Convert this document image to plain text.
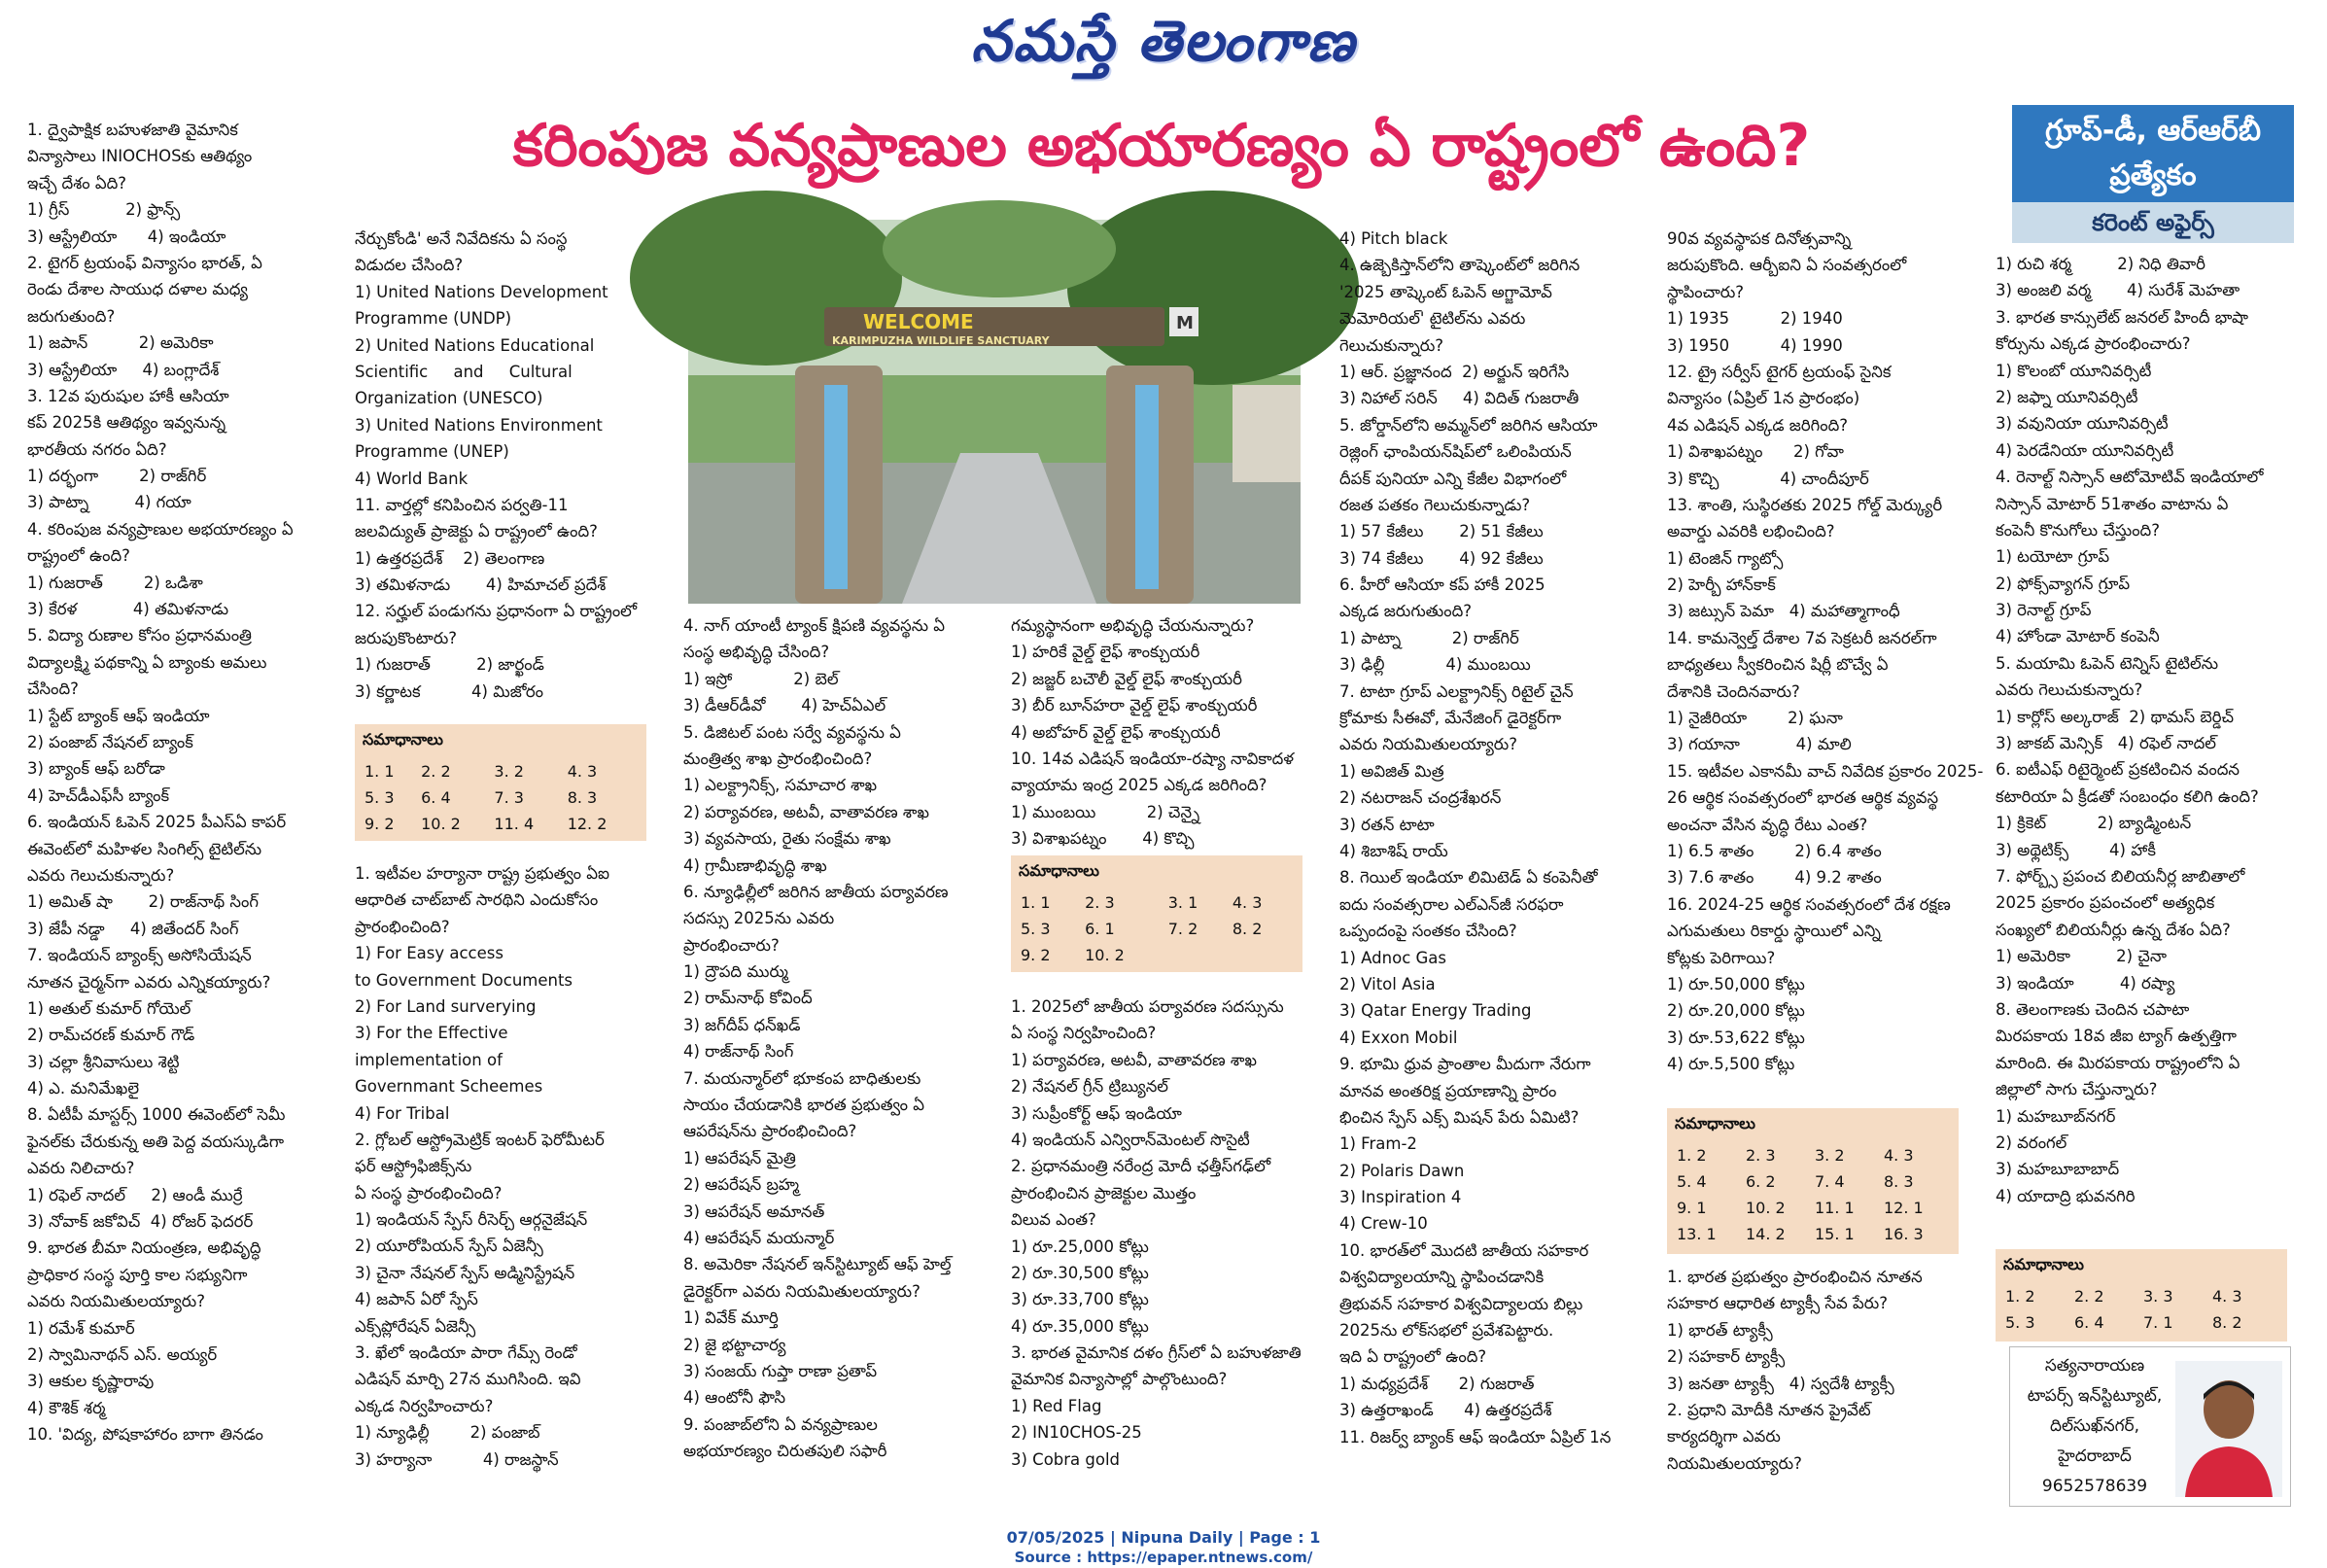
నమస్తే తెలంగాణ
కరింపుజ వన్యప్రాణుల అభయారణ్యం ఏ రాష్ట్రంలో ఉంది?	గ్రూప్-డీ, ఆర్ఆర్‌బీ
ప్రత్యేకం
కరెంట్ అఫైర్స్
WELCOME
KARIMPUZHA WILDLIFE SANCTUARY
M
1. ద్వైపాక్షిక బహుళజాతి వైమానిక
విన్యాసాలు INIOCHOSకు ఆతిథ్యం
ఇచ్చే దేశం ఏది?
1) గ్రీస్           2) ఫ్రాన్స్
3) ఆస్ట్రేలియా      4) ఇండియా
2. టైగర్ ట్రయంఫ్ విన్యాసం భారత్, ఏ
రెండు దేశాల సాయుధ దళాల మధ్య
జరుగుతుంది?
1) జపాన్          2) అమెరికా
3) ఆస్ట్రేలియా     4) బంగ్లాదేశ్
3. 12వ పురుషుల హాకీ ఆసియా
కప్ 2025కి ఆతిథ్యం ఇవ్వనున్న
భారతీయ నగరం ఏది?
1) దర్భంగా        2) రాజ్‌గిర్
3) పాట్నా         4) గయా
4. కరింపుజ వన్యప్రాణుల అభయారణ్యం ఏ
రాష్ట్రంలో ఉంది?
1) గుజరాత్        2) ఒడిశా
3) కేరళ           4) తమిళనాడు
5. విద్యా రుణాల కోసం ప్రధానమంత్రి
విద్యాలక్ష్మి పథకాన్ని ఏ బ్యాంకు అమలు
చేసింది?
1) స్టేట్ బ్యాంక్ ఆఫ్ ఇండియా
2) పంజాబ్ నేషనల్ బ్యాంక్
3) బ్యాంక్ ఆఫ్ బరోడా
4) హెచ్‌డీఎఫ్‌సీ బ్యాంక్
6. ఇండియన్ ఓపెన్ 2025 పీఎస్‌ఏ కాపర్
ఈవెంట్‌లో మహిళల సింగిల్స్ టైటిల్‌ను
ఎవరు గెలుచుకున్నారు?
1) అమిత్ షా       2) రాజ్‌నాథ్ సింగ్
3) జేపీ నడ్డా     4) జితేందర్ సింగ్
7. ఇండియన్ బ్యాంక్స్ అసోసియేషన్
నూతన చైర్మన్‌గా ఎవరు ఎన్నికయ్యారు?
1) అతుల్ కుమార్ గోయెల్
2) రామ్‌చరణ్ కుమార్ గౌడ్
3) చల్లా శ్రీనివాసులు శెట్టి
4) ఎ. మనిమేఖలై
8. ఏటీపీ మాస్టర్స్ 1000 ఈవెంట్‌లో సెమీ
ఫైనల్‌కు చేరుకున్న అతి పెద్ద వయస్కుడిగా
ఎవరు నిలిచారు?
1) రఫెల్ నాదల్     2) ఆండీ ముర్రే
3) నోవాక్ జకోవిచ్  4) రోజర్ ఫెదరర్
9. భారత బీమా నియంత్రణ, అభివృద్ధి
ప్రాధికార సంస్థ పూర్తి కాల సభ్యునిగా
ఎవరు నియమితులయ్యారు?
1) రమేశ్ కుమార్
2) స్వామినాథన్ ఎస్. అయ్యర్
3) ఆకుల కృష్ణారావు
4) కౌశిక్ శర్మ
10. 'విద్య, పోషకాహారం బాగా తినడం
నేర్చుకోండి' అనే నివేదికను ఏ సంస్థ
విడుదల చేసింది?
1) United Nations Development
Programme (UNDP)
2) United Nations Educational
Scientific     and     Cultural
Organization (UNESCO)
3) United Nations Environment
Programme (UNEP)
4) World Bank
11. వార్తల్లో కనిపించిన పర్వతి-11
జలవిద్యుత్ ప్రాజెక్టు ఏ రాష్ట్రంలో ఉంది?
1) ఉత్తరప్రదేశ్    2) తెలంగాణ
3) తమిళనాడు       4) హిమాచల్ ప్రదేశ్
12. సర్హుల్ పండుగను ప్రధానంగా ఏ రాష్ట్రంలో
జరుపుకొంటారు?
1) గుజరాత్         2) జార్ఖండ్
3) కర్ణాటక          4) మిజోరం
1. ఇటీవల హర్యానా రాష్ట్ర ప్రభుత్వం ఏఐ
ఆధారిత చాట్‌బాట్ సారథిని ఎందుకోసం
ప్రారంభించింది?
1) For Easy access
to Government Documents
2) For Land surverying
3) For the Effective
implementation of
Governmant Scheemes
4) For Tribal
2. గ్లోబల్ ఆస్ట్రోమెట్రిక్ ఇంటర్ ఫెరోమీటర్
ఫర్ ఆస్ట్రోఫిజిక్స్‌ను
ఏ సంస్థ ప్రారంభించింది?
1) ఇండియన్ స్పేస్ రీసెర్చ్ ఆర్గనైజేషన్
2) యూరోపియన్ స్పేస్ ఏజెన్సీ
3) చైనా నేషనల్ స్పేస్ అడ్మినిస్ట్రేషన్
4) జపాన్ ఏరో స్పేస్
ఎక్స్‌ప్లోరేషన్ ఏజెన్సీ
3. ఖేలో ఇండియా పారా గేమ్స్ రెండో
ఎడిషన్ మార్చి 27న ముగిసింది. ఇవి
ఎక్కడ నిర్వహించారు?
1) న్యూఢిల్లీ        2) పంజాబ్
3) హర్యానా          4) రాజస్థాన్
4. నాగ్ యాంటీ ట్యాంక్ క్షిపణి వ్యవస్థను ఏ
సంస్థ అభివృద్ధి చేసింది?
1) ఇస్రో            2) బెల్
3) డీఆర్‌డీవో       4) హెచ్ఏఎల్
5. డిజిటల్ పంట సర్వే వ్యవస్థను ఏ
మంత్రిత్వ శాఖ ప్రారంభించింది?
1) ఎలక్ట్రానిక్స్, సమాచార శాఖ
2) పర్యావరణ, అటవీ, వాతావరణ శాఖ
3) వ్యవసాయ, రైతు సంక్షేమ శాఖ
4) గ్రామీణాభివృద్ధి శాఖ
6. న్యూఢిల్లీలో జరిగిన జాతీయ పర్యావరణ
సదస్సు 2025ను ఎవరు
ప్రారంభించారు?
1) ద్రౌపది ముర్ము
2) రామ్‌నాథ్ కోవింద్
3) జగ్‌దీప్ ధన్‌ఖడ్
4) రాజ్‌నాథ్ సింగ్
7. మయన్మార్‌లో భూకంప బాధితులకు
సాయం చేయడానికి భారత ప్రభుత్వం ఏ
ఆపరేషన్‌ను ప్రారంభించింది?
1) ఆపరేషన్ మైత్రి
2) ఆపరేషన్ బ్రహ్మ
3) ఆపరేషన్ అమానత్
4) ఆపరేషన్ మయన్మార్
8. అమెరికా నేషనల్ ఇన్‌స్టిట్యూట్ ఆఫ్ హెల్త్
డైరెక్టర్‌గా ఎవరు నియమితులయ్యారు?
1) వివేక్ మూర్తి
2) జై భట్టాచార్య
3) సంజయ్ గుప్తా రాణా ప్రతాప్
4) ఆంటోనీ ఫౌసి
9. పంజాబ్‌లోని ఏ వన్యప్రాణుల
అభయారణ్యం చిరుతపులి సఫారీ
గమ్యస్థానంగా అభివృద్ధి చేయనున్నారు?
1) హరికే వైల్డ్ లైఫ్ శాంక్చుయరీ
2) జజ్జర్ బచౌలీ వైల్డ్ లైఫ్ శాంక్చుయరీ
3) బీర్ బూన్‌హరా వైల్డ్ లైఫ్ శాంక్చుయరీ
4) అబోహర్ వైల్డ్ లైఫ్ శాంక్చుయరీ
10. 14వ ఎడిషన్ ఇండియా-రష్యా నావికాదళ
వ్యాయామ ఇంద్ర 2025 ఎక్కడ జరిగింది?
1) ముంబయి          2) చెన్నై
3) విశాఖపట్నం       4) కొచ్చి
1. 2025లో జాతీయ పర్యావరణ సదస్సును
ఏ సంస్థ నిర్వహించింది?
1) పర్యావరణ, అటవీ, వాతావరణ శాఖ
2) నేషనల్ గ్రీన్ ట్రిబ్యునల్
3) సుప్రీంకోర్ట్ ఆఫ్ ఇండియా
4) ఇండియన్ ఎన్విరాన్‌మెంటల్ సొసైటీ
2. ప్రధానమంత్రి నరేంద్ర మోదీ ఛత్తీస్‌గఢ్‌లో
ప్రారంభించిన ప్రాజెక్టుల మొత్తం
విలువ ఎంత?
1) రూ.25,000 కోట్లు
2) రూ.30,500 కోట్లు
3) రూ.33,700 కోట్లు
4) రూ.35,000 కోట్లు
3. భారత వైమానిక దళం గ్రీస్‌లో ఏ బహుళజాతి
వైమానిక విన్యాసాల్లో పాల్గొంటుంది?
1) Red Flag
2) IN10CHOS-25
3) Cobra gold
4) Pitch black
4. ఉజ్బెకిస్తాన్‌లోని తాష్కెంట్‌లో జరిగిన
'2025 తాష్కెంట్ ఓపెన్ అగ్జామోవ్
మెమోరియల్' టైటిల్‌ను ఎవరు
గెలుచుకున్నారు?
1) ఆర్. ప్రజ్ఞానంద  2) అర్జున్ ఇరిగేసి
3) నిహాల్ సరిన్     4) విదిత్ గుజరాతీ
5. జోర్డాన్‌లోని అమ్మన్‌లో జరిగిన ఆసియా
రెజ్లింగ్ ఛాంపియన్‌షిప్‌లో ఒలింపియన్
దీపక్ పునియా ఎన్ని కేజీల విభాగంలో
రజత పతకం గెలుచుకున్నాడు?
1) 57 కేజీలు       2) 51 కేజీలు
3) 74 కేజీలు       4) 92 కేజీలు
6. హీరో ఆసియా కప్ హాకీ 2025
ఎక్కడ జరుగుతుంది?
1) పాట్నా          2) రాజ్‌గిర్
3) ఢిల్లీ            4) ముంబయి
7. టాటా గ్రూప్ ఎలక్ట్రానిక్స్ రిటైల్ చైన్
క్రోమాకు సీఈవో, మేనేజింగ్ డైరెక్టర్‌గా
ఎవరు నియమితులయ్యారు?
1) అవిజిత్ మిత్ర
2) నటరాజన్ చంద్రశేఖరన్
3) రతన్ టాటా
4) శిబాశిష్ రాయ్
8. గెయిల్ ఇండియా లిమిటెడ్ ఏ కంపెనీతో
ఐదు సంవత్సరాల ఎల్‌ఎన్‌జీ సరఫరా
ఒప్పందంపై సంతకం చేసింది?
1) Adnoc Gas
2) Vitol Asia
3) Qatar Energy Trading
4) Exxon Mobil
9. భూమి ధ్రువ ప్రాంతాల మీదుగా నేరుగా
మానవ అంతరిక్ష ప్రయాణాన్ని ప్రారం
భించిన స్పేస్ ఎక్స్ మిషన్ పేరు ఏమిటి?
1) Fram-2
2) Polaris Dawn
3) Inspiration 4
4) Crew-10
10. భారత్‌లో మొదటి జాతీయ సహకార
విశ్వవిద్యాలయాన్ని స్థాపించడానికి
త్రిభువన్ సహకార విశ్వవిద్యాలయ బిల్లు
2025ను లోక్‌సభలో ప్రవేశపెట్టారు.
ఇది ఏ రాష్ట్రంలో ఉంది?
1) మధ్యప్రదేశ్      2) గుజరాత్
3) ఉత్తరాఖండ్      4) ఉత్తరప్రదేశ్
11. రిజర్వ్ బ్యాంక్ ఆఫ్ ఇండియా ఏప్రిల్ 1న
90వ వ్యవస్థాపక దినోత్సవాన్ని
జరుపుకొంది. ఆర్బీఐని ఏ సంవత్సరంలో
స్థాపించారు?
1) 1935          2) 1940
3) 1950          4) 1990
12. ట్రై సర్వీస్ టైగర్ ట్రయంఫ్ సైనిక
విన్యాసం (ఏప్రిల్ 1న ప్రారంభం)
4వ ఎడిషన్ ఎక్కడ జరిగింది?
1) విశాఖపట్నం      2) గోవా
3) కొచ్చి            4) చాందీపూర్
13. శాంతి, సుస్థిరతకు 2025 గోల్డ్ మెర్క్యురీ
అవార్డు ఎవరికి లభించింది?
1) టెంజిన్ గ్యాట్సో
2) హెర్బీ హాన్‌కాక్
3) జట్సున్ పెమా   4) మహాత్మాగాంధీ
14. కామన్వెల్త్ దేశాల 7వ సెక్రటరీ జనరల్‌గా
బాధ్యతలు స్వీకరించిన షిర్లీ బొచ్వే ఏ
దేశానికి చెందినవారు?
1) నైజీరియా        2) ఘనా
3) గయానా           4) మాలి
15. ఇటీవల ఎకానమీ వాచ్ నివేదిక ప్రకారం 2025-
26 ఆర్థిక సంవత్సరంలో భారత ఆర్థిక వ్యవస్థ
అంచనా వేసిన వృద్ధి రేటు ఎంత?
1) 6.5 శాతం        2) 6.4 శాతం
3) 7.6 శాతం        4) 9.2 శాతం
16. 2024-25 ఆర్థిక సంవత్సరంలో దేశ రక్షణ
ఎగుమతులు రికార్డు స్థాయిలో ఎన్ని
కోట్లకు పెరిగాయి?
1) రూ.50,000 కోట్లు
2) రూ.20,000 కోట్లు
3) రూ.53,622 కోట్లు
4) రూ.5,500 కోట్లు
1. భారత ప్రభుత్వం ప్రారంభించిన నూతన
సహకార ఆధారిత ట్యాక్సీ సేవ పేరు?
1) భారత్ ట్యాక్సీ
2) సహకార్ ట్యాక్సీ
3) జనతా ట్యాక్సీ   4) స్వదేశీ ట్యాక్సీ
2. ప్రధాని మోదీకి నూతన ప్రైవేట్
కార్యదర్శిగా ఎవరు
నియమితులయ్యారు?
1) రుచి శర్మ         2) నిధి తివారీ
3) అంజలి వర్మ       4) సురేశ్ మెహతా
3. భారత కాన్సులేట్ జనరల్ హిందీ భాషా
కోర్సును ఎక్కడ ప్రారంభించారు?
1) కొలంబో యూనివర్సిటీ
2) జఫ్నా యూనివర్సిటీ
3) వవునియా యూనివర్సిటీ
4) పెరడేనియా యూనివర్సిటీ
4. రెనాల్ట్ నిస్సాన్ ఆటోమోటివ్ ఇండియాలో
నిస్సాన్ మోటార్ 51శాతం వాటాను ఏ
కంపెనీ కొనుగోలు చేస్తుంది?
1) టయోటా గ్రూప్
2) ఫోక్స్‌వ్యాగన్ గ్రూప్
3) రెనాల్ట్ గ్రూప్
4) హోండా మోటార్ కంపెనీ
5. మయామి ఓపెన్ టెన్నిస్ టైటిల్‌ను
ఎవరు గెలుచుకున్నారు?
1) కార్లోస్ అల్కరాజ్  2) థామస్ బెర్డిచ్
3) జాకబ్ మెన్సిక్   4) రఫెల్ నాదల్
6. ఐటీఎఫ్ రిటైర్మెంట్ ప్రకటించిన వందన
కటారియా ఏ క్రీడతో సంబంధం కలిగి ఉంది?
1) క్రికెట్          2) బ్యాడ్మింటన్
3) అథ్లెటిక్స్        4) హాకీ
7. ఫోర్బ్స్ ప్రపంచ బిలియనీర్ల జాబితాలో
2025 ప్రకారం ప్రపంచంలో అత్యధిక
సంఖ్యలో బిలియనీర్లు ఉన్న దేశం ఏది?
1) అమెరికా         2) చైనా
3) ఇండియా         4) రష్యా
8. తెలంగాణకు చెందిన చపాటా
మిరపకాయ 18వ జీఐ ట్యాగ్ ఉత్పత్తిగా
మారింది. ఈ మిరపకాయ రాష్ట్రంలోని ఏ
జిల్లాలో సాగు చేస్తున్నారు?
1) మహబూబ్‌నగర్
2) వరంగల్
3) మహబూబాబాద్
4) యాదాద్రి భువనగిరి
సమాధానాలు
1. 1	2. 2	3. 2	4. 3
5. 3	6. 4	7. 3	8. 3
9. 2	10. 2	11. 4	12. 2
సమాధానాలు
1. 1	2. 3	3. 1	4. 3
5. 3	6. 1	7. 2	8. 2
9. 2	10. 2		
సమాధానాలు
1. 2	2. 3	3. 2	4. 3
5. 4	6. 2	7. 4	8. 3
9. 1	10. 2	11. 1	12. 1
13. 1	14. 2	15. 1	16. 3
సమాధానాలు
1. 2	2. 2	3. 3	4. 3
5. 3	6. 4	7. 1	8. 2
సత్యనారాయణ
టాపర్స్ ఇన్‌స్టిట్యూట్,
దిల్‌సుఖ్‌నగర్,
హైదరాబాద్
9652578639
07/05/2025 | Nipuna Daily | Page : 1
Source : https://epaper.ntnews.com/
